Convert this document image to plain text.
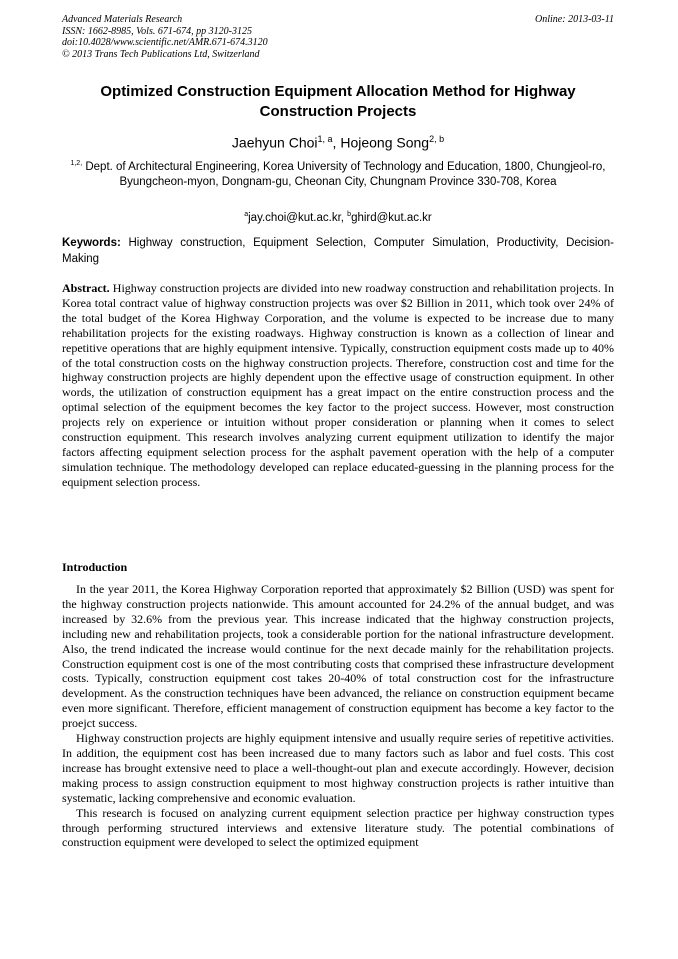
Advanced Materials Research
ISSN: 1662-8985, Vols. 671-674, pp 3120-3125
doi:10.4028/www.scientific.net/AMR.671-674.3120
© 2013 Trans Tech Publications Ltd, Switzerland
Online: 2013-03-11
Optimized Construction Equipment Allocation Method for Highway Construction Projects
Jaehyun Choi$^{1, a}$, Hojeong Song$^{2, b}$
$^{1,2,}$ Dept. of Architectural Engineering, Korea University of Technology and Education, 1800, Chungjeol-ro, Byungcheon-myon, Dongnam-gu, Cheonan City, Chungnam Province 330-708, Korea
$^a$jay.choi@kut.ac.kr, $^b$ghird@kut.ac.kr
Keywords: Highway construction, Equipment Selection, Computer Simulation, Productivity, Decision-Making
Abstract. Highway construction projects are divided into new roadway construction and rehabilitation projects. In Korea total contract value of highway construction projects was over $2 Billion in 2011, which took over 24% of the total budget of the Korea Highway Corporation, and the volume is expected to be increase due to many rehabilitation projects for the existing roadways. Highway construction is known as a collection of linear and repetitive operations that are highly equipment intensive. Typically, construction equipment costs made up to 40% of the total construction costs on the highway construction projects. Therefore, construction cost and time for the highway construction projects are highly dependent upon the effective usage of construction equipment. In other words, the utilization of construction equipment has a great impact on the entire construction process and the optimal selection of the equipment becomes the key factor to the project success. However, most construction projects rely on experience or intuition without proper consideration or planning when it comes to select construction equipment. This research involves analyzing current equipment utilization to identify the major factors affecting equipment selection process for the asphalt pavement operation with the help of a computer simulation technique. The methodology developed can replace educated-guessing in the planning process for the equipment selection process.
Introduction

In the year 2011, the Korea Highway Corporation reported that approximately $2 Billion (USD) was spent for the highway construction projects nationwide. This amount accounted for 24.2% of the annual budget, and was increased by 32.6% from the previous year. This increase indicated that the highway construction projects, including new and rehabilitation projects, took a considerable portion for the national infrastructure development. Also, the trend indicated the increase would continue for the next decade mainly for the rehabilitation projects. Construction equipment cost is one of the most contributing costs that comprised these infrastructure development costs. Typically, construction equipment cost takes 20-40% of total construction cost for the infrastructure development. As the construction techniques have been advanced, the reliance on construction equipment became even more significant. Therefore, efficient management of construction equipment has become a key factor to the proejct success.

Highway construction projects are highly equipment intensive and usually require series of repetitive activities. In addition, the equipment cost has been increased due to many factors such as labor and fuel costs. This cost increase has brought extensive need to place a well-thought-out plan and execute accordingly. However, decision making process to assign construction equipment to most highway construction projects is rather intuitive than systematic, lacking comprehensive and economic evaluation.

This research is focused on analyzing current equipment selection practice per highway construction types through performing structured interviews and extensive literature study. The potential combinations of construction equipment were developed to select the optimized equipment
